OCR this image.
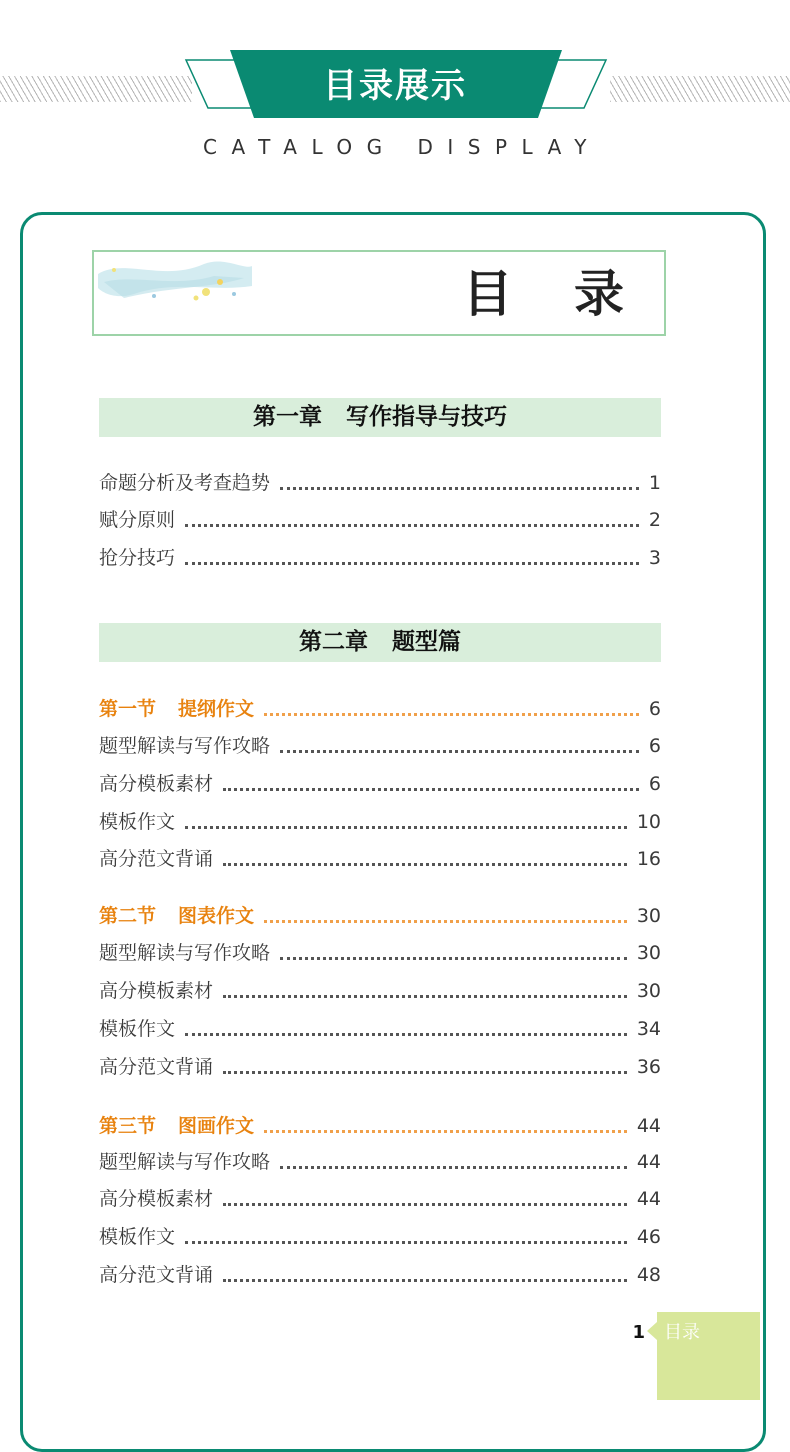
目录展示
CATALOG DISPLAY
目 录
第一章 写作指导与技巧
命题分析及考查趋势	1
赋分原则	2
抢分技巧	3
第二章 题型篇
第一节 提纲作文	6
题型解读与写作攻略	6
高分模板素材	6
模板作文	10
高分范文背诵	16
第二节 图表作文	30
题型解读与写作攻略	30
高分模板素材	30
模板作文	34
高分范文背诵	36
第三节 图画作文	44
题型解读与写作攻略	44
高分模板素材	44
模板作文	46
高分范文背诵	48
1 目录
